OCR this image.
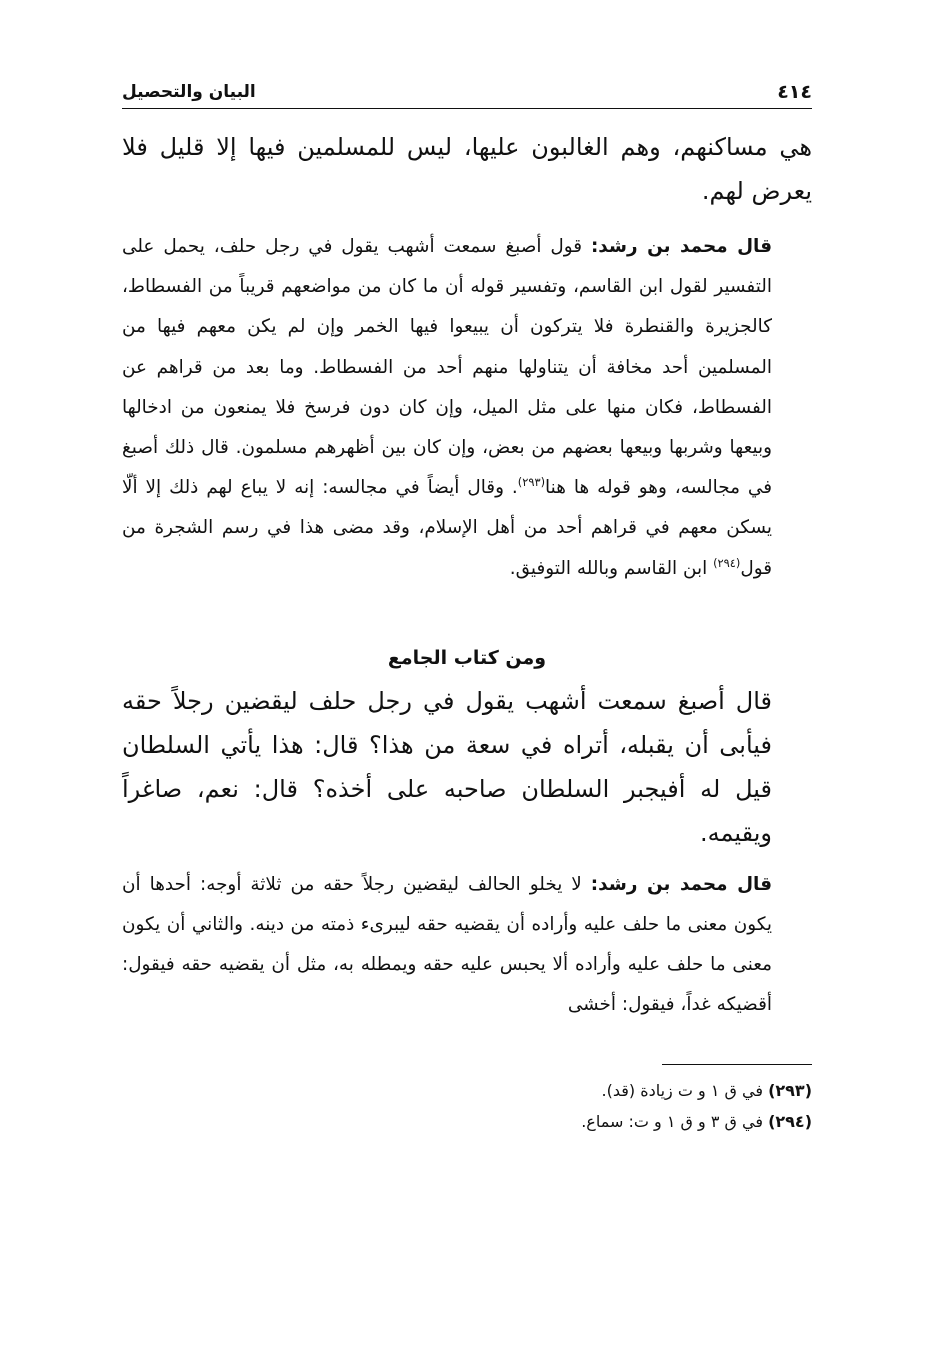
٤١٤
البيان والتحصيل

هي مساكنهم، وهم الغالبون عليها، ليس للمسلمين فيها إلا قليل فلا يعرض لهم.

قال محمد بن رشد: قول أصبغ سمعت أشهب يقول في رجل حلف، يحمل على التفسير لقول ابن القاسم، وتفسير قوله أن ما كان من مواضعهم قريباً من الفسطاط، كالجزيرة والقنطرة فلا يتركون أن يبيعوا فيها الخمر وإن لم يكن معهم فيها من المسلمين أحد مخافة أن يتناولها منهم أحد من الفسطاط. وما بعد من قراهم عن الفسطاط، فكان منها على مثل الميل، وإن كان دون فرسخ فلا يمنعون من ادخالها وبيعها وشربها وبيعها بعضهم من بعض، وإن كان بين أظهرهم مسلمون. قال ذلك أصبغ في مجالسه، وهو قوله ها هنا$^{(٢٩٣)}$. وقال أيضاً في مجالسه: إنه لا يباع لهم ذلك إلا ألّا يسكن معهم في قراهم أحد من أهل الإسلام، وقد مضى هذا في رسم الشجرة من قول$^{(٢٩٤)}$ ابن القاسم وبالله التوفيق.

ومن كتاب الجامع

قال أصبغ سمعت أشهب يقول في رجل حلف ليقضين رجلاً حقه فيأبى أن يقبله، أتراه في سعة من هذا؟ قال: هذا يأتي السلطان قيل له أفيجبر السلطان صاحبه على أخذه؟ قال: نعم، صاغراً ويقيمه.

قال محمد بن رشد: لا يخلو الحالف ليقضين رجلاً حقه من ثلاثة أوجه: أحدها أن يكون معنى ما حلف عليه وأراده أن يقضيه حقه ليبرىء ذمته من دينه. والثاني أن يكون معنى ما حلف عليه وأراده ألا يحبس عليه حقه ويمطله به، مثل أن يقضيه حقه فيقول: أقضيكه غداً، فيقول: أخشى

(٢٩٣) في ق ١ و ت زيادة (قد).
(٢٩٤) في ق ٣ و ق ١ و ت: سماع.
